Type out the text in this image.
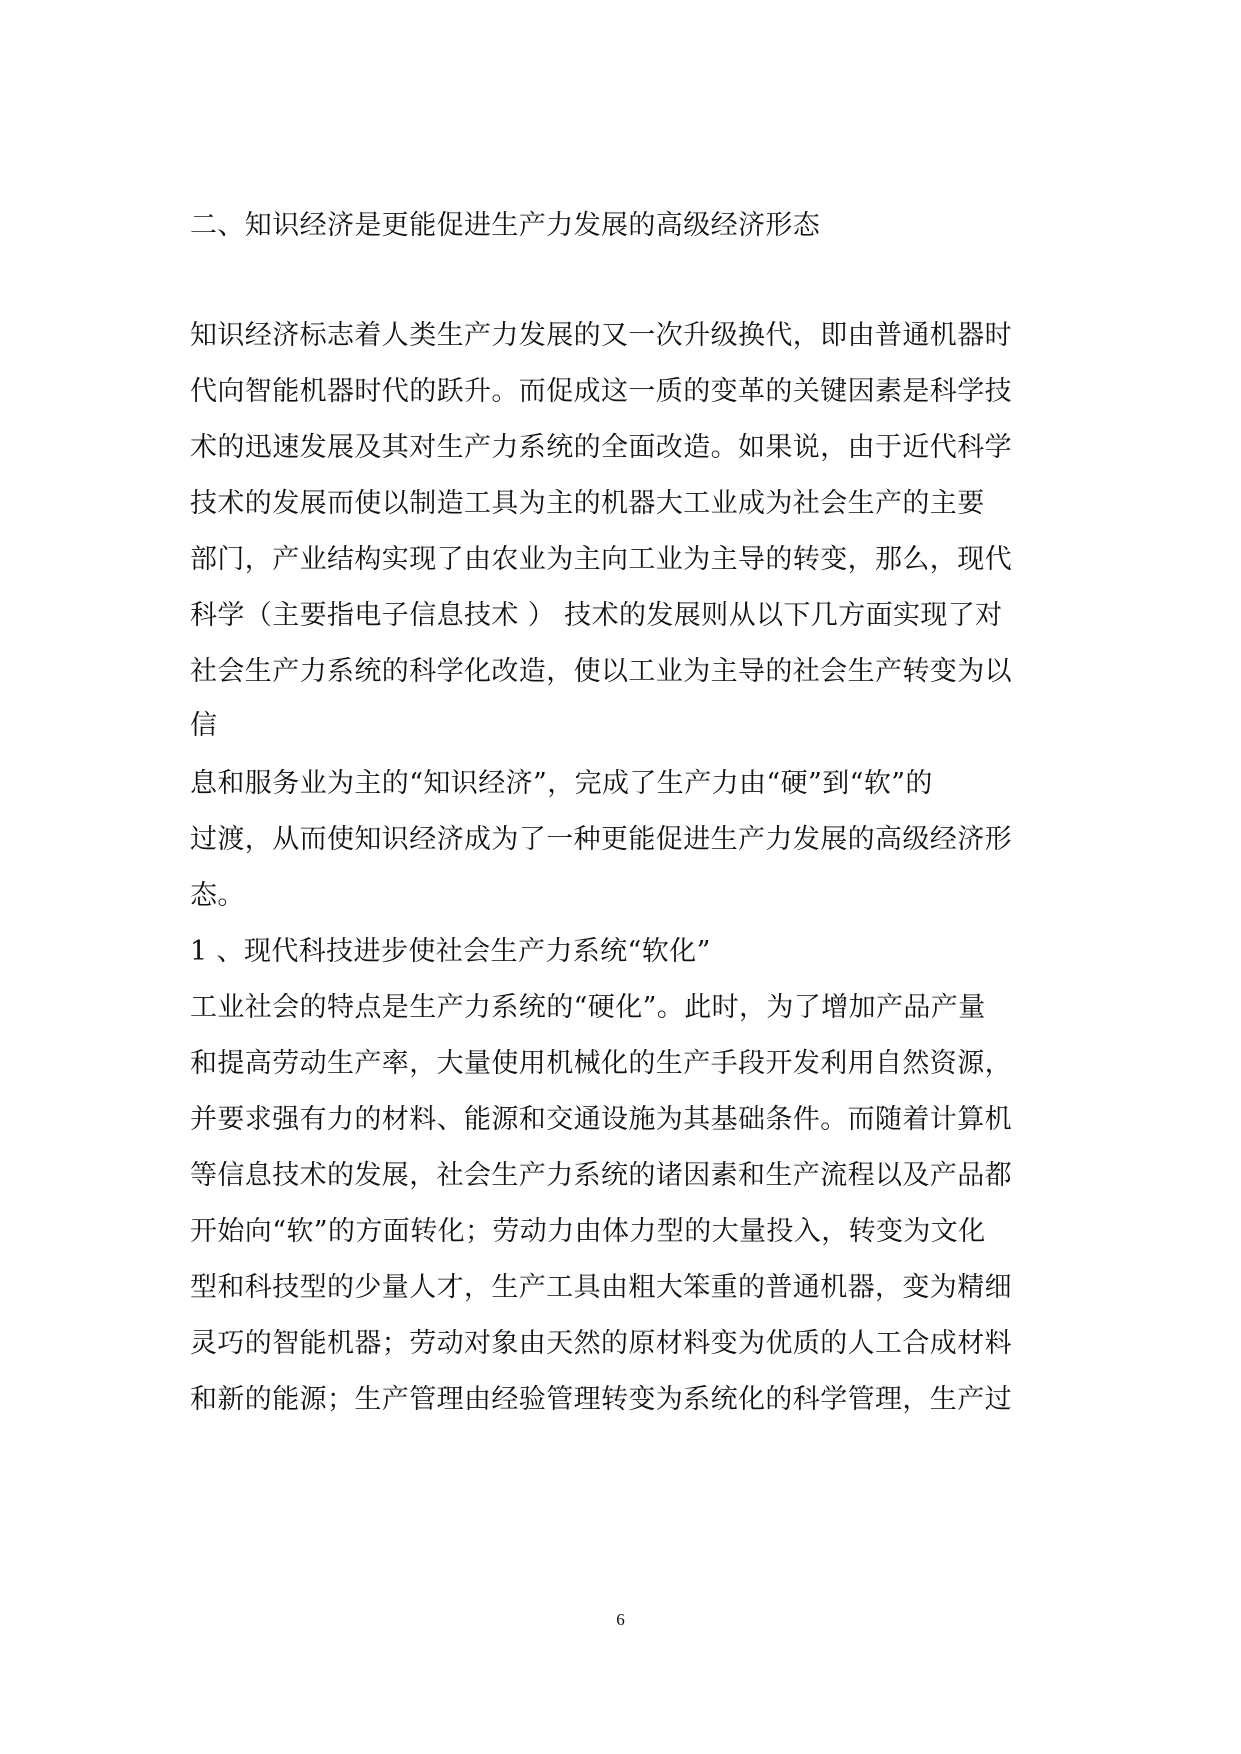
二、知识经济是更能促进生产力发展的高级经济形态
知识经济标志着人类生产力发展的又一次升级换代，即由普通机器时
代向智能机器时代的跃升。而促成这一质的变革的关键因素是科学技
术的迅速发展及其对生产力系统的全面改造。如果说，由于近代科学
技术的发展而使以制造工具为主的机器大工业成为社会生产的主要
部门，产业结构实现了由农业为主向工业为主导的转变，那么，现代
科学（主要指电子信息技术 ） 技术的发展则从以下几方面实现了对
社会生产力系统的科学化改造，使以工业为主导的社会生产转变为以
信
息和服务业为主的“知识经济”，完成了生产力由“硬”到“软”的
过渡，从而使知识经济成为了一种更能促进生产力发展的高级经济形
态。
1 、现代科技进步使社会生产力系统“软化”
工业社会的特点是生产力系统的“硬化”。此时，为了增加产品产量
和提高劳动生产率，大量使用机械化的生产手段开发利用自然资源，
并要求强有力的材料、能源和交通设施为其基础条件。而随着计算机
等信息技术的发展，社会生产力系统的诸因素和生产流程以及产品都
开始向“软”的方面转化；劳动力由体力型的大量投入，转变为文化
型和科技型的少量人才，生产工具由粗大笨重的普通机器，变为精细
灵巧的智能机器；劳动对象由天然的原材料变为优质的人工合成材料
和新的能源；生产管理由经验管理转变为系统化的科学管理，生产过
6
